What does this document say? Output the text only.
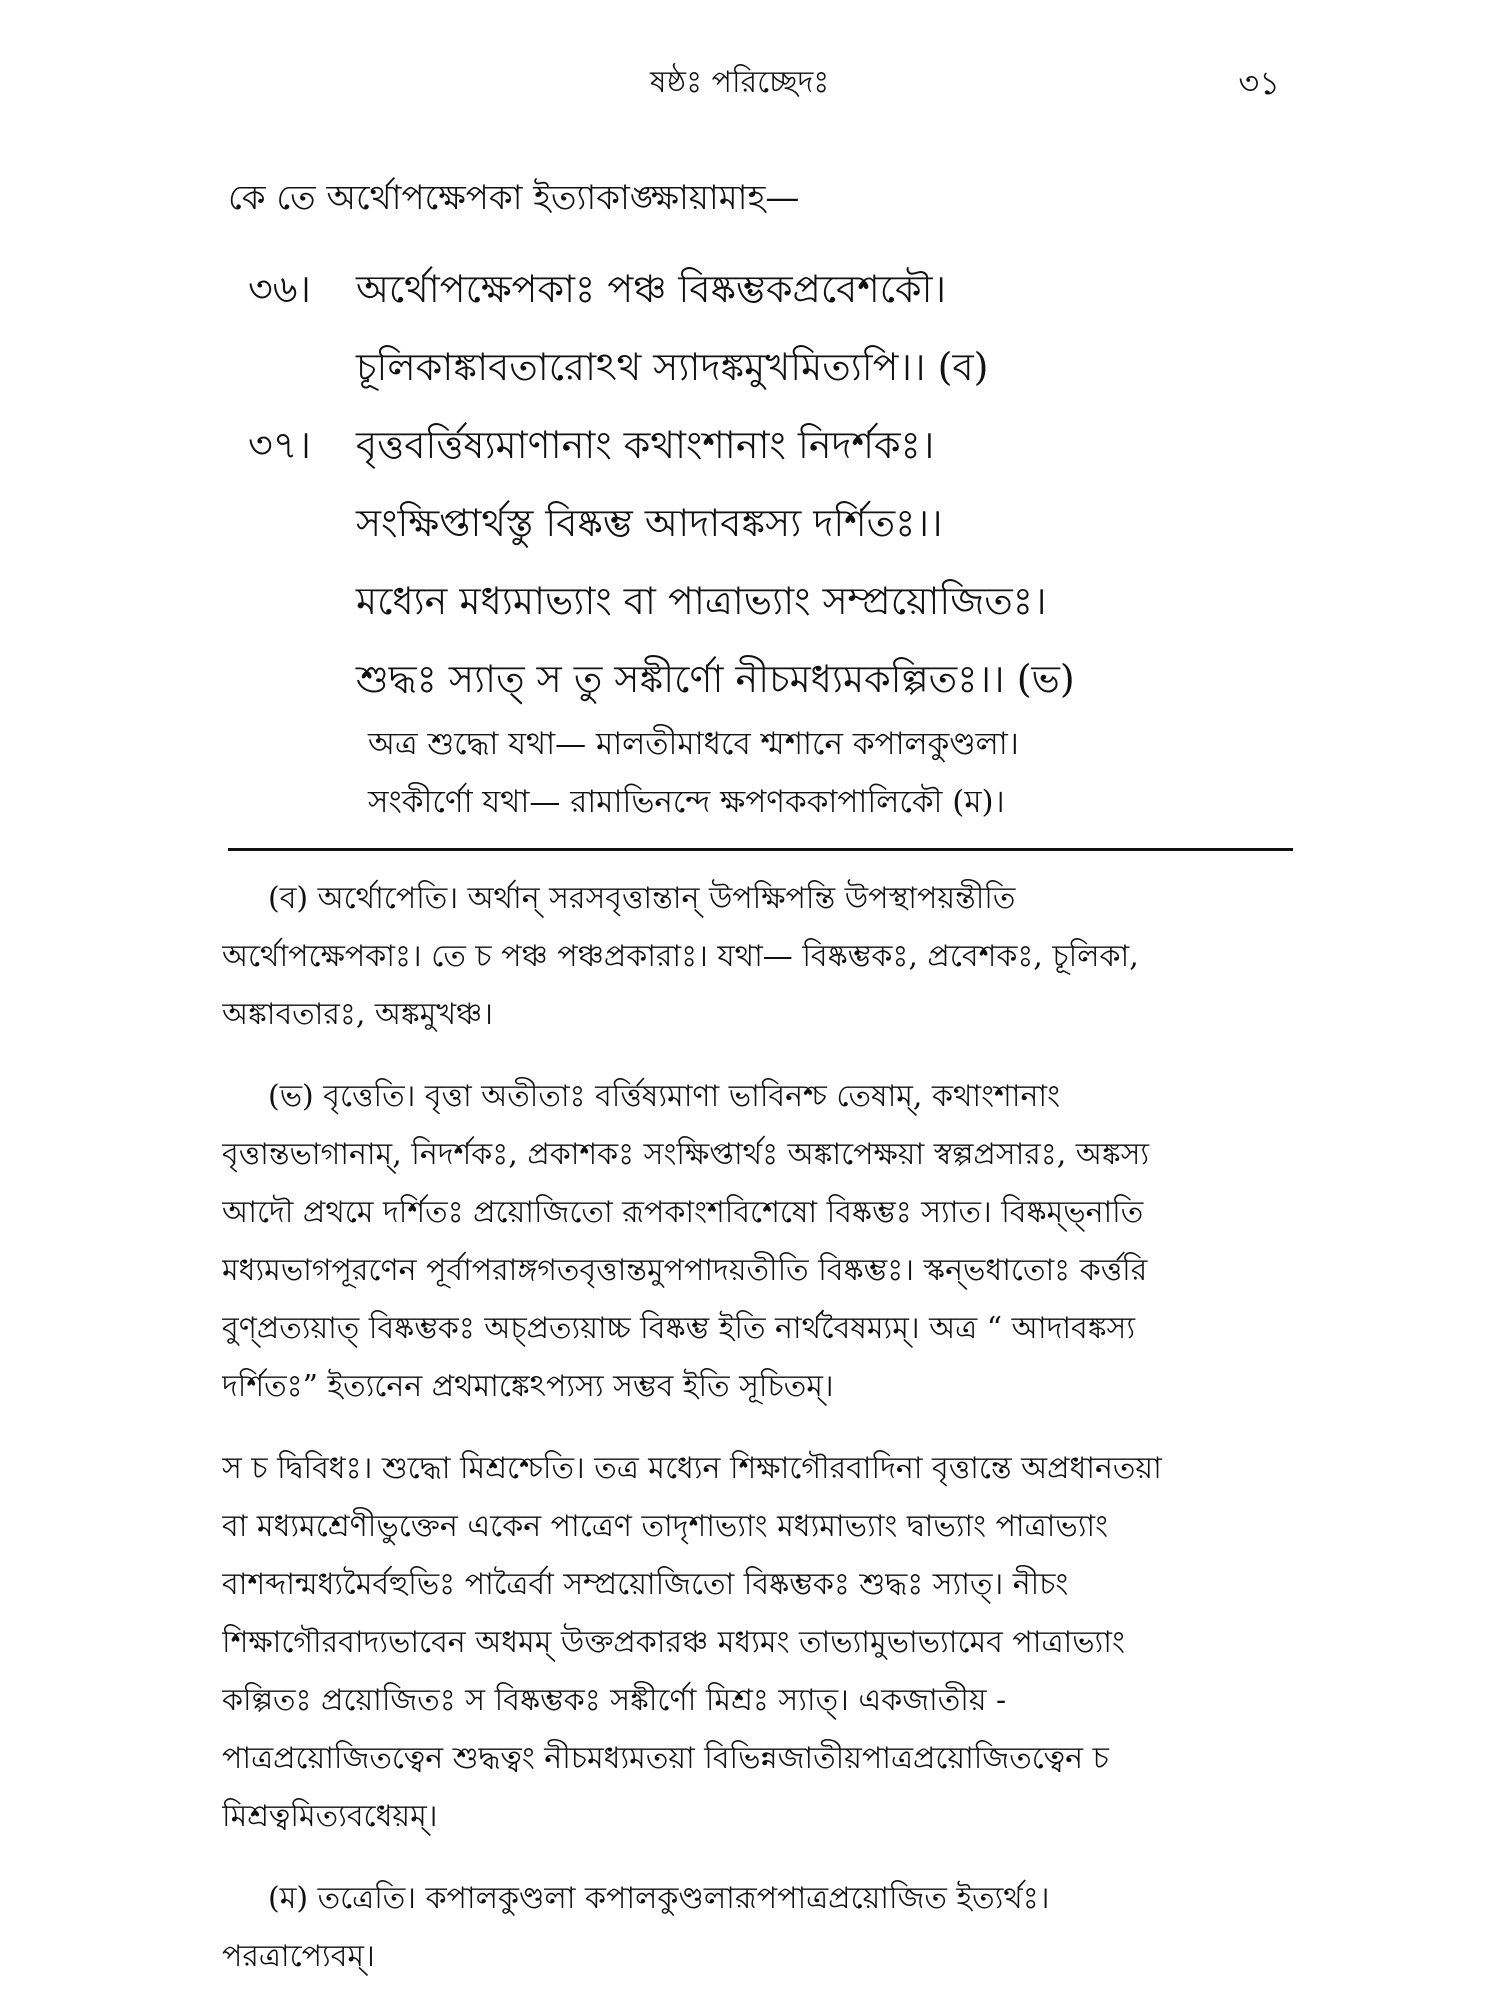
ষষ্ঠঃ পরিচ্ছেদঃ	৩১
কে তে অর্থোপক্ষেপকা ইত্যাকাঙ্ক্ষায়ামাহ—
৩৬। অর্থোপক্ষেপকাঃ পঞ্চ বিষ্কম্ভকপ্রবেশকৌ।
চূলিকাঙ্কাবতারোঽথ স্যাদঙ্কমুখমিত্যপি।। (ব)
৩৭। বৃত্তবর্ত্তিষ্যমাণানাং কথাংশানাং নিদর্শকঃ।
সংক্ষিপ্তার্থস্তু বিষ্কম্ভ আদাবঙ্কস্য দর্শিতঃ।।
মধ্যেন মধ্যমাভ্যাং বা পাত্রাভ্যাং সম্প্রয়োজিতঃ।
শুদ্ধঃ স্যাত্ স তু সঙ্কীর্ণো নীচমধ্যমকল্পিতঃ।। (ভ)
অত্র শুদ্ধো যথা— মালতীমাধবে শ্মশানে কপালকুণ্ডলা।
সংকীর্ণো যথা— রামাভিনন্দে ক্ষপণককাপালিকৌ (ম)।
(ব) অর্থোপেতি। অর্থান্ সরসবৃত্তান্তান্ উপক্ষিপন্তি উপস্থাপয়ন্তীতি
অর্থোপক্ষেপকাঃ। তে চ পঞ্চ পঞ্চপ্রকারাঃ। যথা— বিষ্কম্ভকঃ, প্রবেশকঃ, চূলিকা,
অঙ্কাবতারঃ, অঙ্কমুখঞ্চ।
(ভ) বৃত্তেতি। বৃত্তা অতীতাঃ বর্ত্তিষ্যমাণা ভাবিনশ্চ তেষাম্, কথাংশানাং
বৃত্তান্তভাগানাম্, নিদর্শকঃ, প্রকাশকঃ সংক্ষিপ্তার্থঃ অঙ্কাপেক্ষয়া স্বল্পপ্রসারঃ, অঙ্কস্য
আদৌ প্রথমে দর্শিতঃ প্রয়োজিতো রূপকাংশবিশেষো বিষ্কম্ভঃ স্যাত। বিষ্কম্ভ্নাতি
মধ্যমভাগপূরণেন পূর্বাপরাঙ্গগতবৃত্তান্তমুপপাদয়তীতি বিষ্কম্ভঃ। স্কন্‌ভধাতোঃ কর্ত্তরি
বুণ্‌প্রত্যয়াত্ বিষ্কম্ভকঃ অচ্‌প্রত্যয়াচ্চ বিষ্কম্ভ ইতি নার্থবৈষম্যম্। অত্র “ আদাবঙ্কস্য
দর্শিতঃ” ইত্যনেন প্রথমাঙ্কেঽপ্যস্য সম্ভব ইতি সূচিতম্।
স চ দ্বিবিধঃ। শুদ্ধো মিশ্রশ্চেতি। তত্র মধ্যেন শিক্ষাগৌরবাদিনা বৃত্তান্তে অপ্রধানতয়া
বা মধ্যমশ্রেণীভুক্তেন একেন পাত্রেণ তাদৃশাভ্যাং মধ্যমাভ্যাং দ্বাভ্যাং পাত্রাভ্যাং
বাশব্দান্মধ্যমৈর্বহুভিঃ পাত্রৈর্বা সম্প্রয়োজিতো বিষ্কম্ভকঃ শুদ্ধঃ স্যাত্। নীচং
শিক্ষাগৌরবাদ্যভাবেন অধমম্ উক্তপ্রকারঞ্চ মধ্যমং তাভ্যামুভাভ্যামেব পাত্রাভ্যাং
কল্পিতঃ প্রয়োজিতঃ স বিষ্কম্ভকঃ সঙ্কীর্ণো মিশ্রঃ স্যাত্। একজাতীয় -
পাত্রপ্রয়োজিতত্বেন শুদ্ধত্বং নীচমধ্যমতয়া বিভিন্নজাতীয়পাত্রপ্রয়োজিতত্বেন চ
মিশ্রত্বমিত্যবধেয়ম্।
(ম) তত্রেতি। কপালকুণ্ডলা কপালকুণ্ডলারূপপাত্রপ্রয়োজিত ইত্যর্থঃ।
পরত্রাপ্যেবম্।
